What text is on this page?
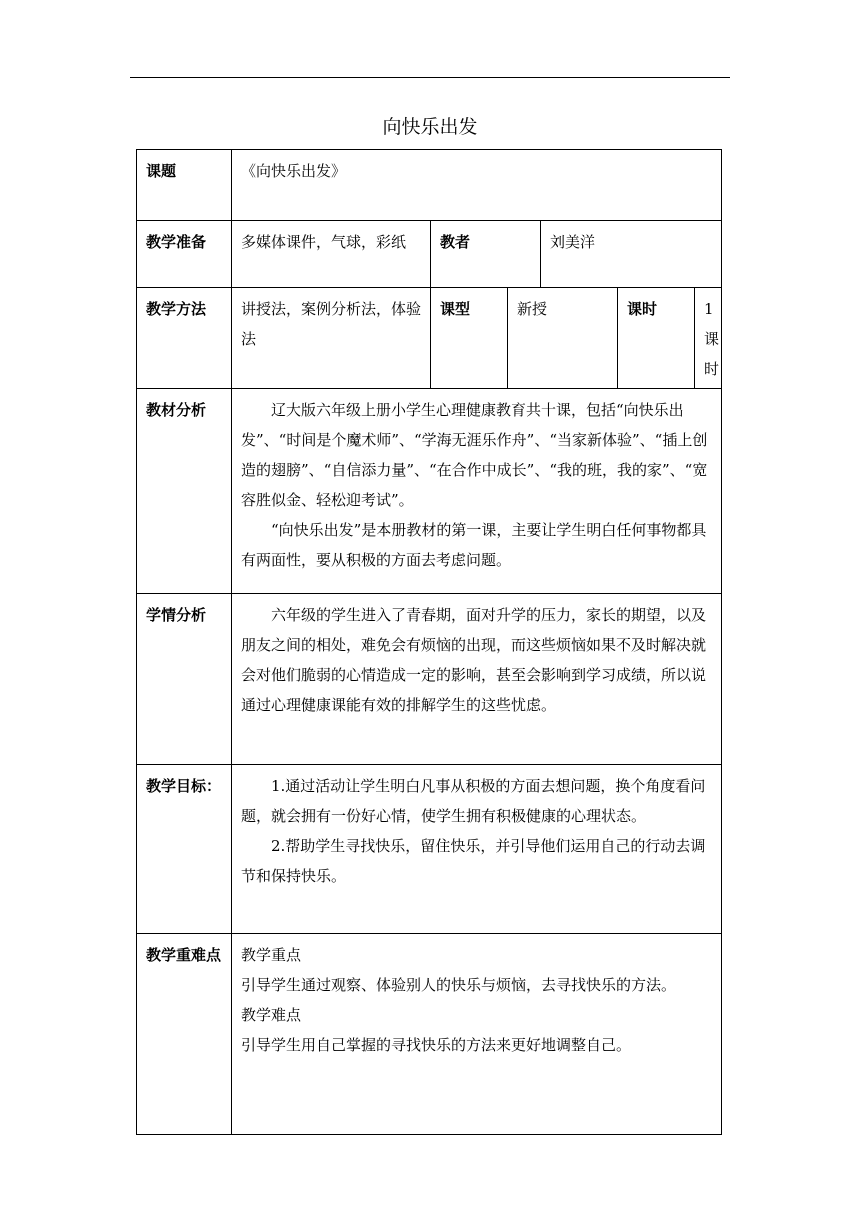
向快乐出发
课题	《向快乐出发》					
教学准备	多媒体课件，气球，彩纸	教者		刘美洋		
教学方法	讲授法，案例分析法，体验法	课型	新授		课时	1课时
教材分析	辽大版六年级上册小学生心理健康教育共十课，包括“向快乐出发”、“时间是个魔术师”、“学海无涯乐作舟”、“当家新体验”、“插上创造的翅膀”、“自信添力量”、“在合作中成长”、“我的班，我的家”、“宽容胜似金、轻松迎考试”。

“向快乐出发”是本册教材的第一课，主要让学生明白任何事物都具有两面性，要从积极的方面去考虑问题。					

学情分析	六年级的学生进入了青春期，面对升学的压力，家长的期望，以及朋友之间的相处，难免会有烦恼的出现，而这些烦恼如果不及时解决就会对他们脆弱的心情造成一定的影响，甚至会影响到学习成绩，所以说通过心理健康课能有效的排解学生的这些忧虑。					

教学目标：	1.通过活动让学生明白凡事从积极的方面去想问题，换个角度看问题，就会拥有一份好心情，使学生拥有积极健康的心理状态。

2.帮助学生寻找快乐，留住快乐，并引导他们运用自己的行动去调节和保持快乐。					

教学重难点	教学重点

引导学生通过观察、体验别人的快乐与烦恼，去寻找快乐的方法。

教学难点

引导学生用自己掌握的寻找快乐的方法来更好地调整自己。					
